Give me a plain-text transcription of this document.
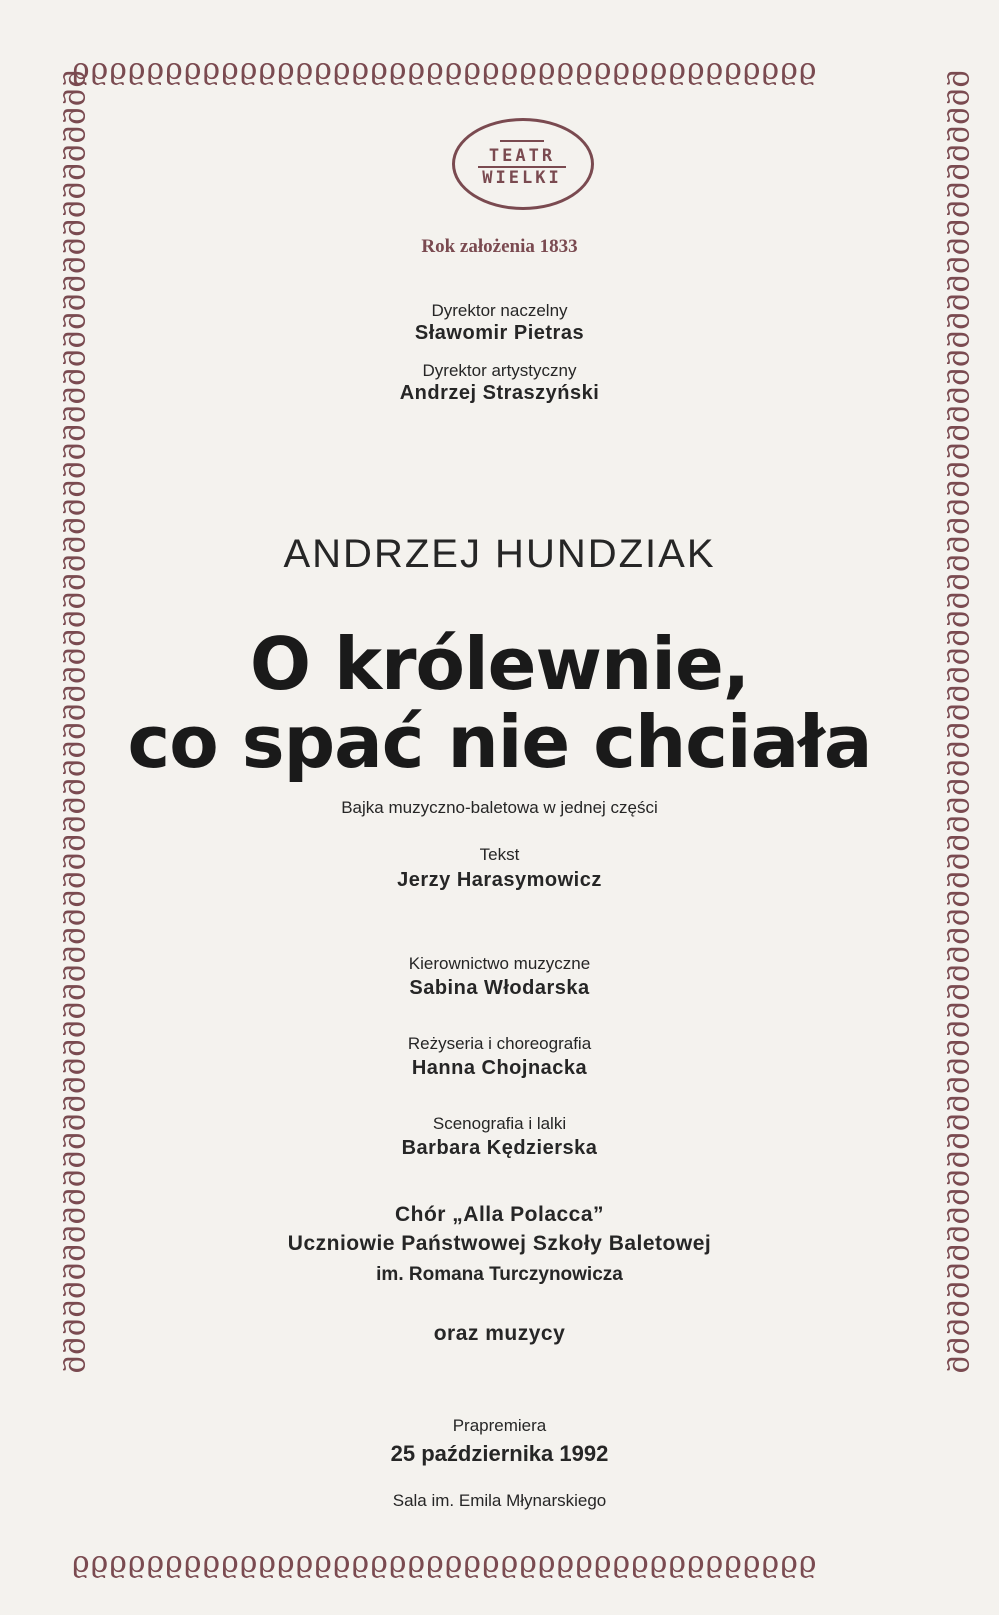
ϱϱϱϱϱϱϱϱϱϱϱϱϱϱϱϱϱϱϱϱϱϱϱϱϱϱϱϱϱϱϱϱϱϱϱϱϱϱϱϱ
ϱϱϱϱϱϱϱϱϱϱϱϱϱϱϱϱϱϱϱϱϱϱϱϱϱϱϱϱϱϱϱϱϱϱϱϱϱϱϱϱ
ϱϱϱϱϱϱϱϱϱϱϱϱϱϱϱϱϱϱϱϱϱϱϱϱϱϱϱϱϱϱϱϱϱϱϱϱϱϱϱϱϱϱϱϱϱϱϱϱϱϱϱϱϱϱϱϱϱϱϱϱϱϱϱϱϱϱϱϱϱϱ	ϱϱϱϱϱϱϱϱϱϱϱϱϱϱϱϱϱϱϱϱϱϱϱϱϱϱϱϱϱϱϱϱϱϱϱϱϱϱϱϱϱϱϱϱϱϱϱϱϱϱϱϱϱϱϱϱϱϱϱϱϱϱϱϱϱϱϱϱϱϱ
TEATR
WIELKI
Rok założenia 1833
Dyrektor naczelny
Sławomir Pietras
Dyrektor artystyczny
Andrzej Straszyński
ANDRZEJ HUNDZIAK
O królewnie,
co spać nie chciała
Bajka muzyczno-baletowa w jednej części
Tekst
Jerzy Harasymowicz
Kierownictwo muzyczne
Sabina Włodarska
Reżyseria i choreografia
Hanna Chojnacka
Scenografia i lalki
Barbara Kędzierska
Chór „Alla Polacca”
Uczniowie Państwowej Szkoły Baletowej
im. Romana Turczynowicza
oraz muzycy
Prapremiera
25 października 1992
Sala im. Emila Młynarskiego
